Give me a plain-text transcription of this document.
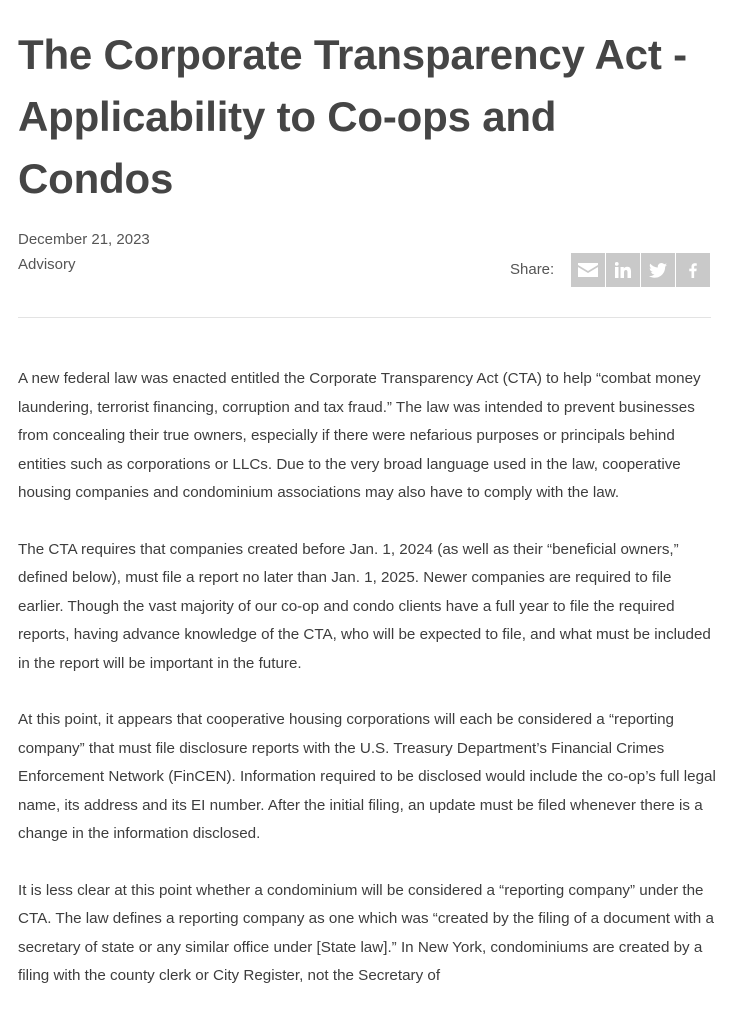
The Corporate Transparency Act - Applicability to Co-ops and Condos
December 21, 2023
Advisory	Share:

A new federal law was enacted entitled the Corporate Transparency Act (CTA) to help “combat money laundering, terrorist financing, corruption and tax fraud.” The law was intended to prevent businesses from concealing their true owners, especially if there were nefarious purposes or principals behind entities such as corporations or LLCs. Due to the very broad language used in the law, cooperative housing companies and condominium associations may also have to comply with the law.

The CTA requires that companies created before Jan. 1, 2024 (as well as their “beneficial owners,” defined below), must file a report no later than Jan. 1, 2025. Newer companies are required to file earlier. Though the vast majority of our co-op and condo clients have a full year to file the required reports, having advance knowledge of the CTA, who will be expected to file, and what must be included in the report will be important in the future.

At this point, it appears that cooperative housing corporations will each be considered a “reporting company” that must file disclosure reports with the U.S. Treasury Department’s Financial Crimes Enforcement Network (FinCEN). Information required to be disclosed would include the co-op’s full legal name, its address and its EI number. After the initial filing, an update must be filed whenever there is a change in the information disclosed.

It is less clear at this point whether a condominium will be considered a “reporting company” under the CTA. The law defines a reporting company as one which was “created by the filing of a document with a secretary of state or any similar office under [State law].” In New York, condominiums are created by a filing with the county clerk or City Register, not the Secretary of
